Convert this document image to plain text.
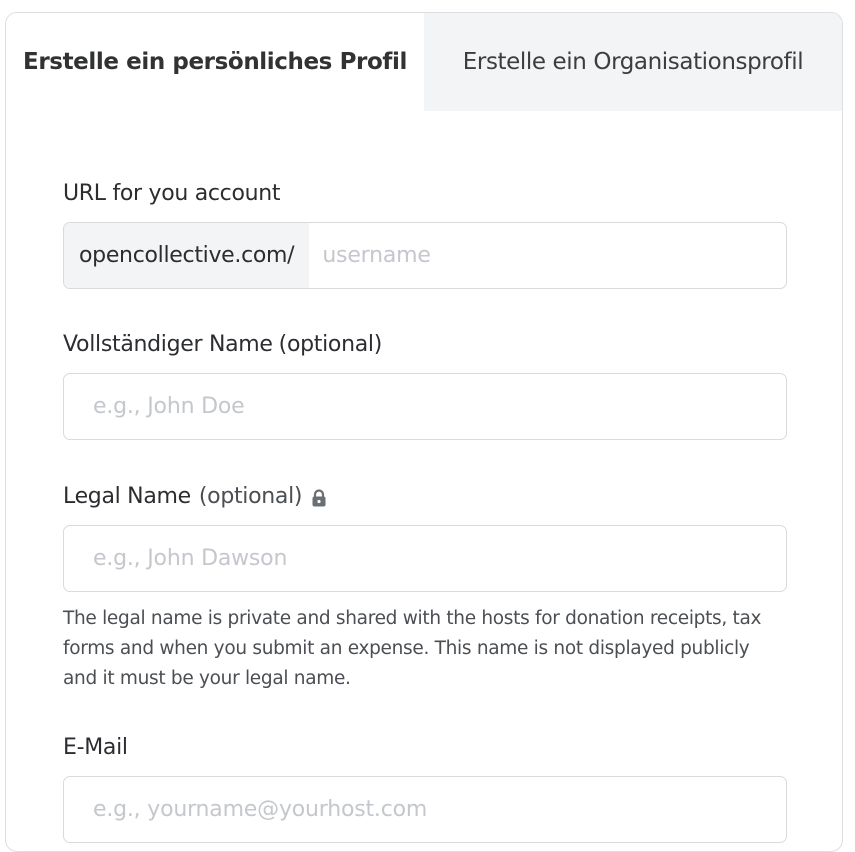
Erstelle ein persönliches Profil	Erstelle ein Organisationsprofil
URL for you account
opencollective.com/
username
Vollständiger Name (optional)
e.g., John Doe
Legal Name (optional)
e.g., John Dawson
The legal name is private and shared with the hosts for donation receipts, tax forms and when you submit an expense. This name is not displayed publicly and it must be your legal name.
E-Mail
e.g., yourname@yourhost.com
